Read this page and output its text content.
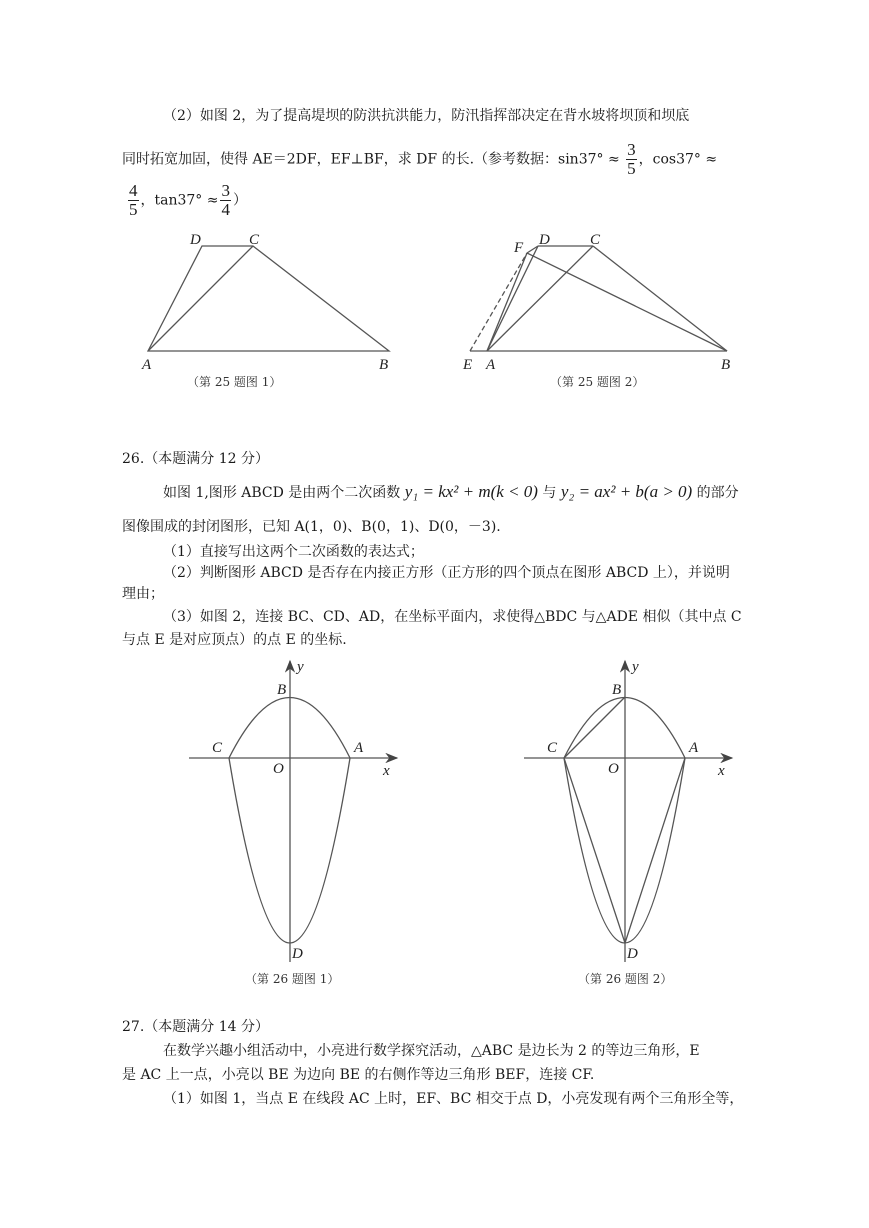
（2）如图 2，为了提高堤坝的防洪抗洪能力，防汛指挥部决定在背水坡将坝顶和坝底
同时拓宽加固，使得 AE＝2DF，EF⊥BF，求 DF 的长.（参考数据：$\sin 37^\circ \approx \frac{3}{5}$ ，cos37° ≈
$\frac{4}{5}$ ，$\tan 37^\circ \approx \frac{3}{4}$ ）
D	C
A	B
（第 25 题图 1）
F D	C
E A	B
（第 25 题图 2）
26.（本题满分 12 分）
如图 1,图形 ABCD 是由两个二次函数 y₁ = kx² + m(k < 0) 与 y₂ = ax² + b(a > 0) 的部分
图像围成的封闭图形，已知 A(1，0)、B(0，1)、D(0，－3).
（1）直接写出这两个二次函数的表达式；
（2）判断图形 ABCD 是否存在内接正方形（正方形的四个顶点在图形 ABCD 上），并说明
理由；
（3）如图 2，连接 BC、CD、AD，在坐标平面内，求使得△BDC 与△ADE 相似（其中点 C
与点 E 是对应顶点）的点 E 的坐标.
y
x
O
A
B
C
D
（第 26 题图 1）
y
x
O
A
B
C
D
（第 26 题图 2）
27.（本题满分 14 分）
在数学兴趣小组活动中，小亮进行数学探究活动，△ABC 是边长为 2 的等边三角形，E
是 AC 上一点，小亮以 BE 为边向 BE 的右侧作等边三角形 BEF，连接 CF.
（1）如图 1，当点 E 在线段 AC 上时，EF、BC 相交于点 D，小亮发现有两个三角形全等，
